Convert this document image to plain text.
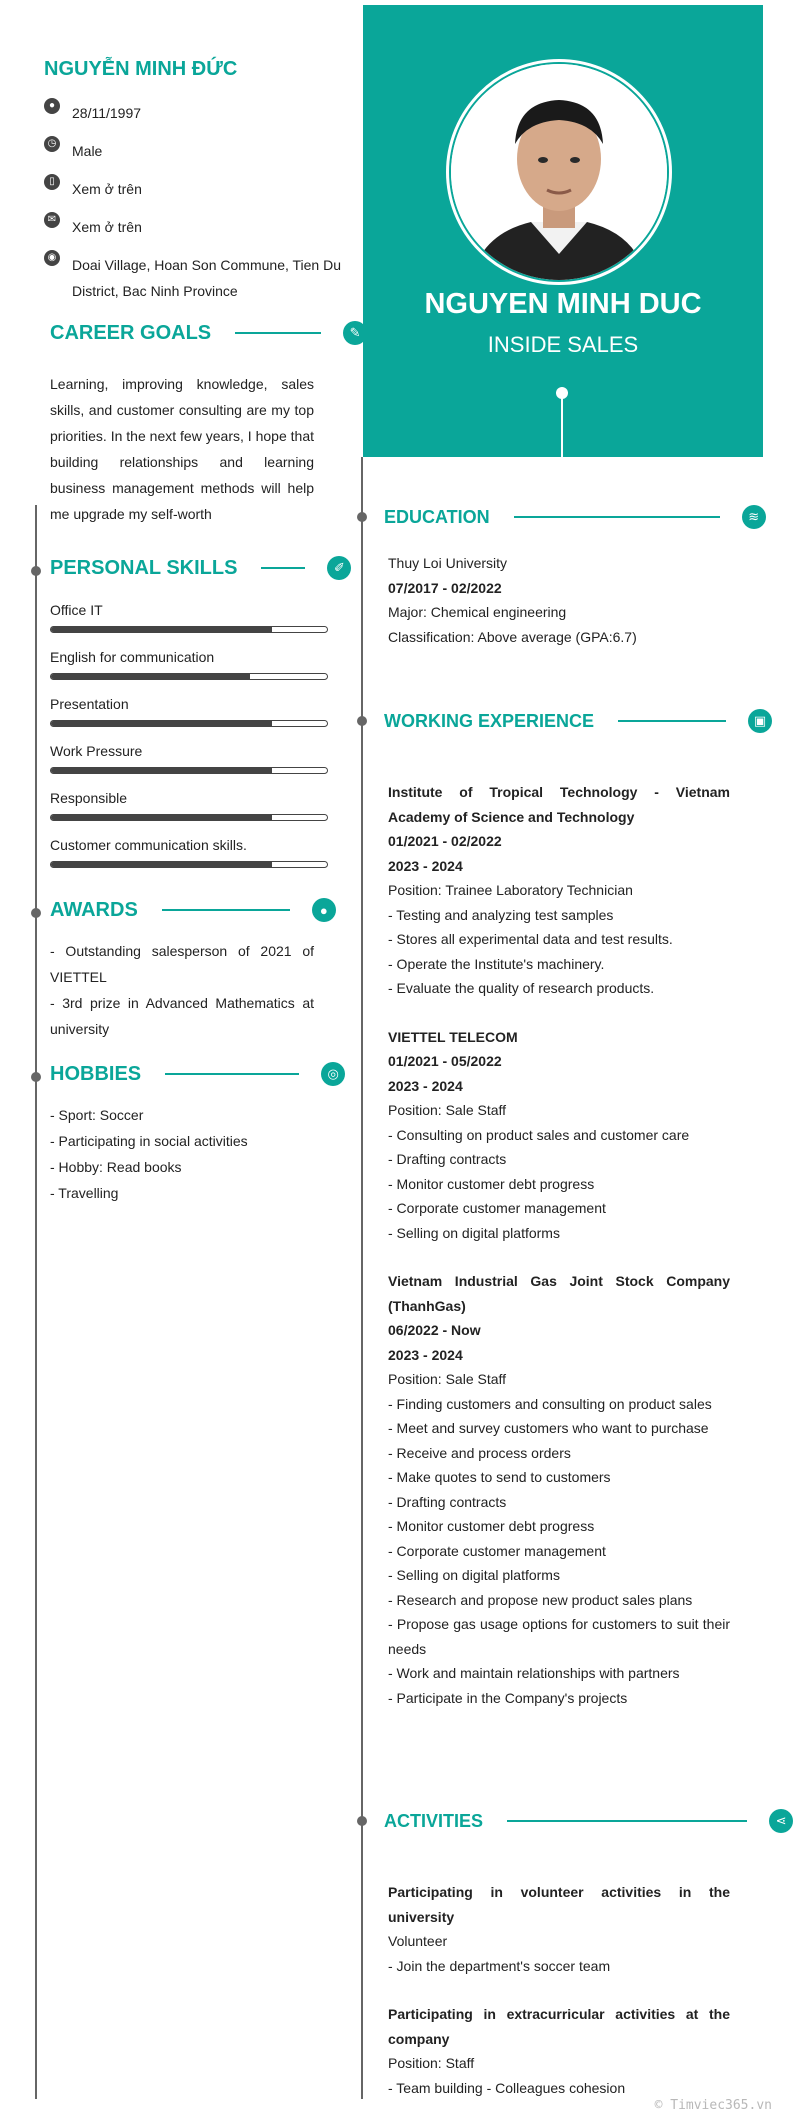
NGUYỄN MINH ĐỨC
●	28/11/1997
◷ Male
▯	Xem ở trên
✉ Xem ở trên
◉ Doai Village, Hoan Son Commune, Tien Du District, Bac Ninh Province
CAREER GOALS	✎
Learning, improving knowledge, sales skills, and customer consulting are my top priorities. In the next few years, I hope that building relationships and learning business management methods will help me upgrade my self-worth
PERSONAL SKILLS	✐
Office IT
English for communication
Presentation
Work Pressure
Responsible
Customer communication skills.
AWARDS	●
- Outstanding salesperson of 2021 of VIETTEL
- 3rd prize in Advanced Mathematics at university
HOBBIES	◎
- Sport: Soccer
- Participating in social activities
- Hobby: Read books
- Travelling
NGUYEN MINH DUC
INSIDE SALES
EDUCATION	≋
Thuy Loi University
07/2017 - 02/2022
Major: Chemical engineering
Classification: Above average (GPA:6.7)
WORKING EXPERIENCE	▣
Institute of Tropical Technology - Vietnam Academy of Science and Technology
01/2021 - 02/2022
2023 - 2024
Position: Trainee Laboratory Technician
- Testing and analyzing test samples
- Stores all experimental data and test results.
- Operate the Institute's machinery.
- Evaluate the quality of research products.
VIETTEL TELECOM
01/2021 - 05/2022
2023 - 2024
Position: Sale Staff
- Consulting on product sales and customer care
- Drafting contracts
- Monitor customer debt progress
- Corporate customer management
- Selling on digital platforms
Vietnam Industrial Gas Joint Stock Company (ThanhGas)
06/2022 - Now
2023 - 2024
Position: Sale Staff
- Finding customers and consulting on product sales
- Meet and survey customers who want to purchase
- Receive and process orders
- Make quotes to send to customers
- Drafting contracts
- Monitor customer debt progress
- Corporate customer management
- Selling on digital platforms
- Research and propose new product sales plans
- Propose gas usage options for customers to suit their needs
- Work and maintain relationships with partners
- Participate in the Company's projects
ACTIVITIES	⋖
Participating in volunteer activities in the university
Volunteer
- Join the department's soccer team
Participating in extracurricular activities at the company
Position: Staff
- Team building - Colleagues cohesion
© Timviec365.vn
